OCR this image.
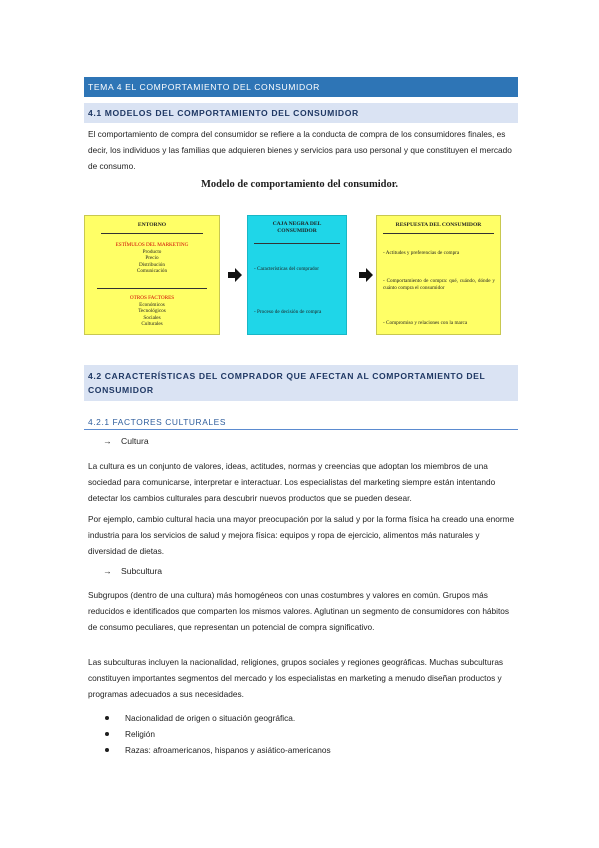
TEMA 4 EL COMPORTAMIENTO DEL CONSUMIDOR
4.1 MODELOS DEL COMPORTAMIENTO DEL CONSUMIDOR

El comportamiento de compra del consumidor se refiere a la conducta de compra de los consumidores finales, es decir, los individuos y las familias que adquieren bienes y servicios para uso personal y que constituyen el mercado de consumo.

Modelo de comportamiento del consumidor.
ENTORNO
ESTÍMULOS DEL MARKETING
Producto
Precio
Distribución
Comunicación
OTROS FACTORES
Económicos
Tecnológicos
Sociales
Culturales
CAJA NEGRA DEL
CONSUMIDOR
- Características del comprador
- Proceso de decisión de compra
RESPUESTA DEL CONSUMIDOR
- Actitudes y preferencias de compra
- Comportamiento de compra: qué, cuándo, dónde y cuánto compra el consumidor
- Compromiso y relaciones con la marca
4.2 CARACTERÍSTICAS DEL COMPRADOR QUE AFECTAN AL COMPORTAMIENTO DEL
CONSUMIDOR
4.2.1 FACTORES CULTURALES
→ Cultura

La cultura es un conjunto de valores, ideas, actitudes, normas y creencias que adoptan los miembros de una sociedad para comunicarse, interpretar e interactuar. Los especialistas del marketing siempre están intentando detectar los cambios culturales para descubrir nuevos productos que se pueden desear.

Por ejemplo, cambio cultural hacia una mayor preocupación por la salud y por la forma física ha creado una enorme industria para los servicios de salud y mejora física: equipos y ropa de ejercicio, alimentos más naturales y diversidad de dietas.

→ Subcultura

Subgrupos (dentro de una cultura) más homogéneos con unas costumbres y valores en común. Grupos más reducidos e identificados que comparten los mismos valores. Aglutinan un segmento de consumidores con hábitos de consumo peculiares, que representan un potencial de compra significativo.

Las subculturas incluyen la nacionalidad, religiones, grupos sociales y regiones geográficas. Muchas subculturas constituyen importantes segmentos del mercado y los especialistas en marketing a menudo diseñan productos y programas adecuados a sus necesidades.

Nacionalidad de origen o situación geográfica.
Religión
Razas: afroamericanos, hispanos y asiático-americanos
